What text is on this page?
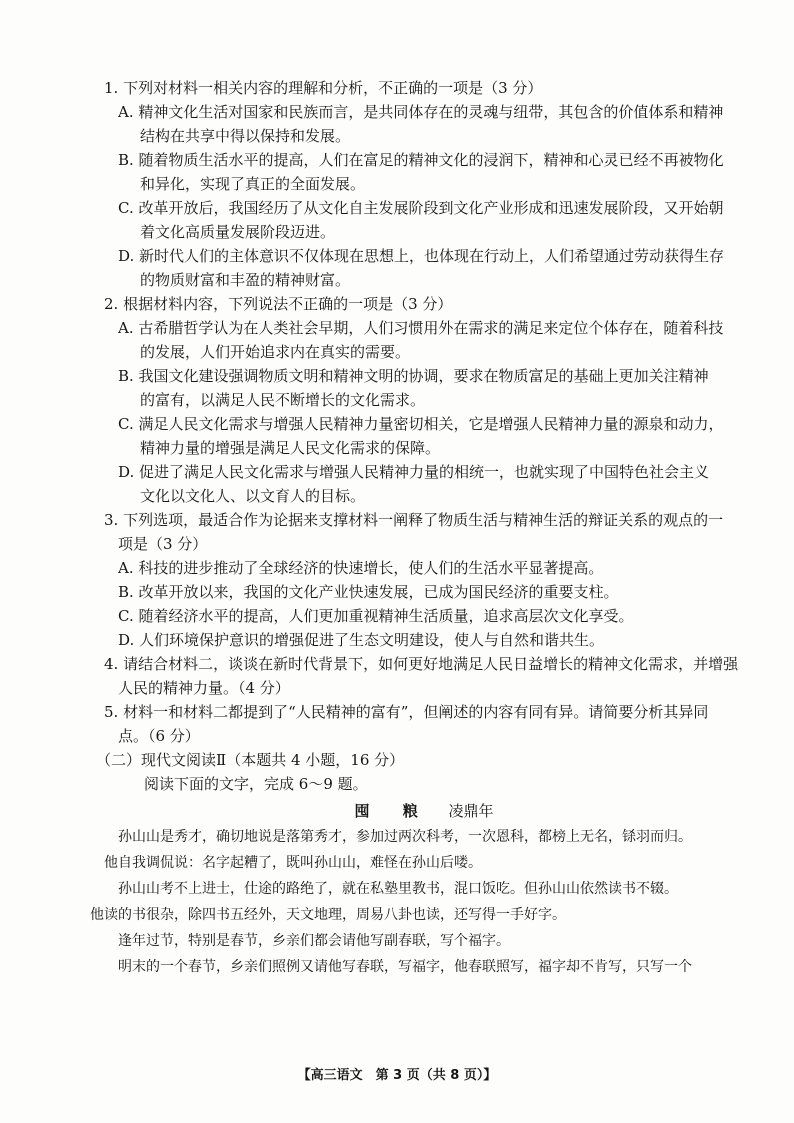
1. 下列对材料一相关内容的理解和分析，不正确的一项是（3 分）
A. 精神文化生活对国家和民族而言，是共同体存在的灵魂与纽带，其包含的价值体系和精神
结构在共享中得以保持和发展。
B. 随着物质生活水平的提高，人们在富足的精神文化的浸润下，精神和心灵已经不再被物化
和异化，实现了真正的全面发展。
C. 改革开放后，我国经历了从文化自主发展阶段到文化产业形成和迅速发展阶段，又开始朝
着文化高质量发展阶段迈进。
D. 新时代人们的主体意识不仅体现在思想上，也体现在行动上，人们希望通过劳动获得生存
的物质财富和丰盈的精神财富。
2. 根据材料内容，下列说法不正确的一项是（3 分）
A. 古希腊哲学认为在人类社会早期，人们习惯用外在需求的满足来定位个体存在，随着科技
的发展，人们开始追求内在真实的需要。
B. 我国文化建设强调物质文明和精神文明的协调，要求在物质富足的基础上更加关注精神
的富有，以满足人民不断增长的文化需求。
C. 满足人民文化需求与增强人民精神力量密切相关，它是增强人民精神力量的源泉和动力，
精神力量的增强是满足人民文化需求的保障。
D. 促进了满足人民文化需求与增强人民精神力量的相统一，也就实现了中国特色社会主义
文化以文化人、以文育人的目标。
3. 下列选项，最适合作为论据来支撑材料一阐释了物质生活与精神生活的辩证关系的观点的一
项是（3 分）
A. 科技的进步推动了全球经济的快速增长，使人们的生活水平显著提高。
B. 改革开放以来，我国的文化产业快速发展，已成为国民经济的重要支柱。
C. 随着经济水平的提高，人们更加重视精神生活质量，追求高层次文化享受。
D. 人们环境保护意识的增强促进了生态文明建设，使人与自然和谐共生。
4. 请结合材料二，谈谈在新时代背景下，如何更好地满足人民日益增长的精神文化需求，并增强
人民的精神力量。（4 分）
5. 材料一和材料二都提到了“人民精神的富有”，但阐述的内容有同有异。请简要分析其异同
点。（6 分）
（二）现代文阅读Ⅱ（本题共 4 小题，16 分）
阅读下面的文字，完成 6～9 题。
囤 粮 凌鼎年
孙山山是秀才，确切地说是落第秀才，参加过两次科考，一次恩科，都榜上无名，铩羽而归。
他自我调侃说：名字起糟了，既叫孙山山，难怪在孙山后喽。
孙山山考不上进士，仕途的路绝了，就在私塾里教书，混口饭吃。但孙山山依然读书不辍。
他读的书很杂，除四书五经外，天文地理，周易八卦也读，还写得一手好字。
逢年过节，特别是春节，乡亲们都会请他写副春联，写个福字。
明末的一个春节，乡亲们照例又请他写春联，写福字，他春联照写，福字却不肯写，只写一个
【高三语文　第 3 页（共 8 页）】
